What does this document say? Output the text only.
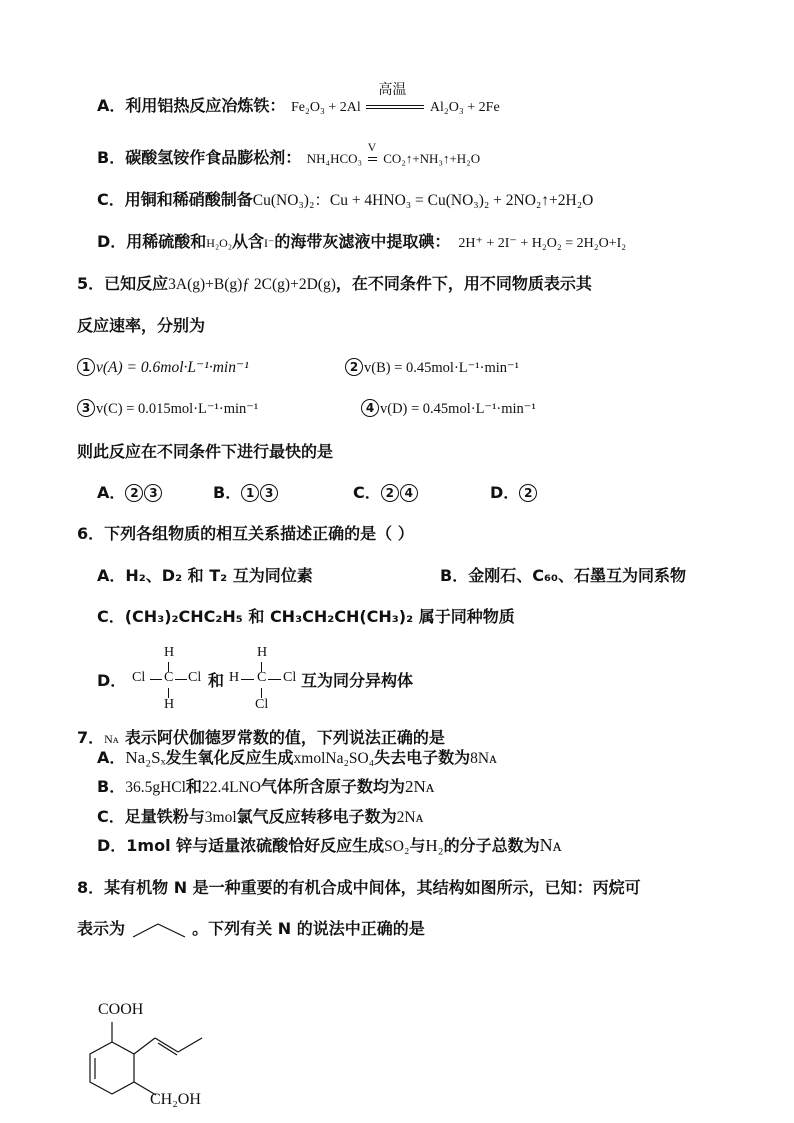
A．利用铝热反应冶炼铁： Fe₂O₃ + 2Al
高温
Al₂O₃ + 2Fe
B．碳酸氢铵作食品膨松剂： NH₄HCO₃
V
CO₂↑+NH₃↑+H₂O
C．用铜和稀硝酸制备Cu(NO₃)₂：Cu + 4HNO₃ = Cu(NO₃)₂ + 2NO₂↑+2H₂O
D．用稀硫酸和H₂O₂从含I⁻的海带灰滤液中提取碘： 2H⁺ + 2I⁻ + H₂O₂ = 2H₂O+I₂
5．已知反应3A(g)+B(g)ƒ 2C(g)+2D(g)，在不同条件下，用不同物质表示其
反应速率，分别为
1 v(A) = 0.6mol·L⁻¹·min⁻¹	2 v(B) = 0.45mol·L⁻¹·min⁻¹
3 v(C) = 0.015mol·L⁻¹·min⁻¹	4 v(D) = 0.45mol·L⁻¹·min⁻¹
则此反应在不同条件下进行最快的是
A． 2 3	B． 1 3	C． 2 4	D． 2
6．下列各组物质的相互关系描述正确的是（ ）
A．H₂、D₂ 和 T₂ 互为同位素	B．金刚石、C₆₀、石墨互为同系物
C．(CH₃)₂CHC₂H₅ 和 CH₃CH₂CH(CH₃)₂ 属于同种物质
D．
H
Cl C Cl
H
和
H
H C Cl
Cl
互为同分异构体
7．Nᴀ 表示阿伏伽德罗常数的值，下列说法正确的是
A．Na₂Sₓ发生氧化反应生成xmolNa₂SO₄失去电子数为8Nᴀ
B．36.5gHCl和22.4LNO气体所含原子数均为2Nᴀ
C．足量铁粉与3mol氯气反应转移电子数为2Nᴀ
D．1mol 锌与适量浓硫酸恰好反应生成SO₂与H₂的分子总数为Nᴀ
8．某有机物 N 是一种重要的有机合成中间体，其结构如图所示，已知：丙烷可
表示为	。下列有关 N 的说法中正确的是
COOH
CH₂OH
